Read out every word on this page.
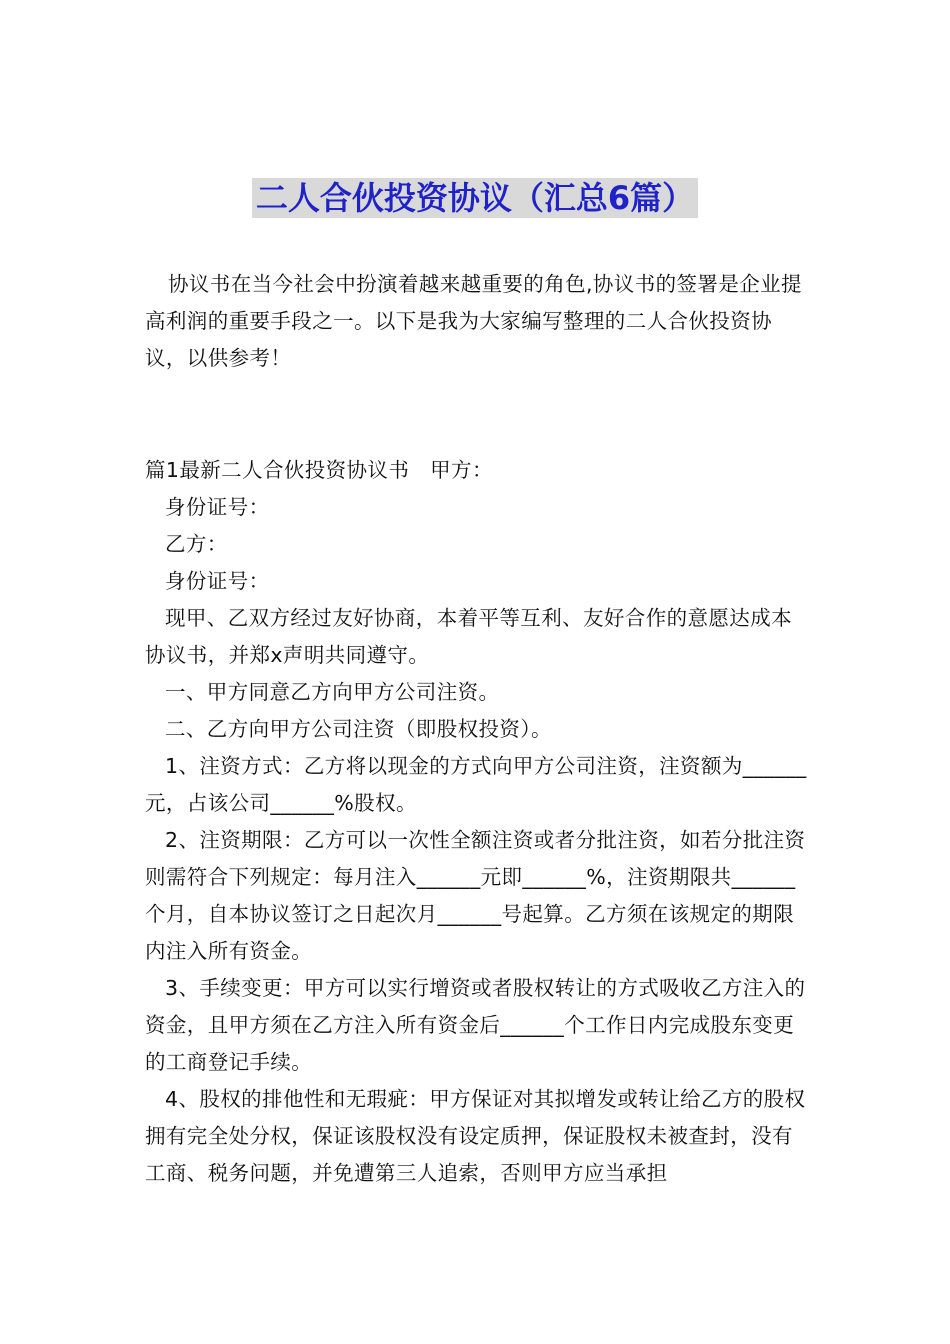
二人合伙投资协议（汇总6篇）

协议书在当今社会中扮演着越来越重要的角色,协议书的签署是企业提高利润的重要手段之一。以下是我为大家编写整理的二人合伙投资协议，以供参考！

篇1最新二人合伙投资协议书　甲方：

身份证号：

乙方：

身份证号：

现甲、乙双方经过友好协商，本着平等互利、友好合作的意愿达成本协议书，并郑x声明共同遵守。

一、甲方同意乙方向甲方公司注资。

二、乙方向甲方公司注资（即股权投资）。

1、注资方式：乙方将以现金的方式向甲方公司注资，注资额为______元，占该公司______%股权。

2、注资期限：乙方可以一次性全额注资或者分批注资，如若分批注资则需符合下列规定：每月注入______元即______%，注资期限共______个月，自本协议签订之日起次月______号起算。乙方须在该规定的期限内注入所有资金。

3、手续变更：甲方可以实行增资或者股权转让的方式吸收乙方注入的资金，且甲方须在乙方注入所有资金后______个工作日内完成股东变更的工商登记手续。

4、股权的排他性和无瑕疵：甲方保证对其拟增发或转让给乙方的股权拥有完全处分权，保证该股权没有设定质押，保证股权未被查封，没有工商、税务问题，并免遭第三人追索，否则甲方应当承担
